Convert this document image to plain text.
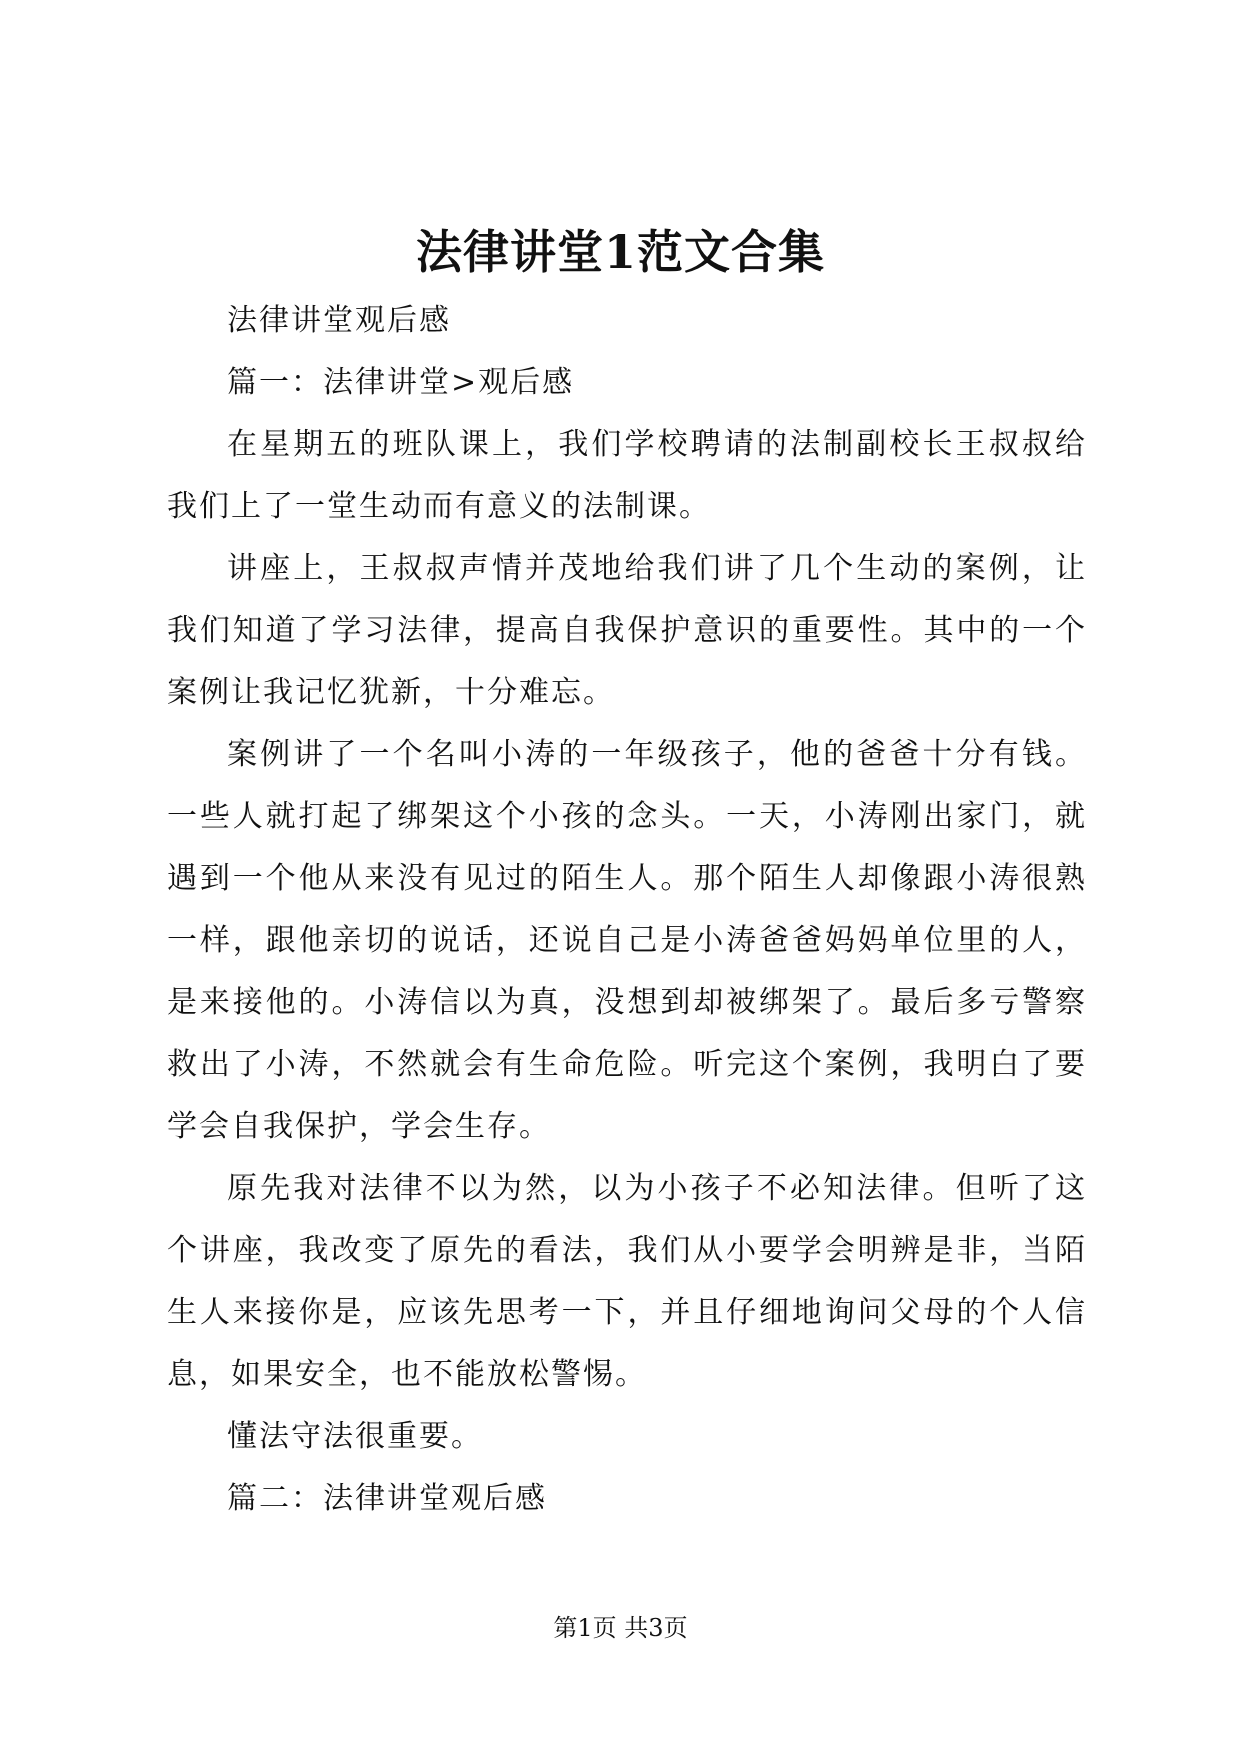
法律讲堂1范文合集

法律讲堂观后感

篇一：法律讲堂>观后感

在星期五的班队课上，我们学校聘请的法制副校长王叔叔给我们上了一堂生动而有意义的法制课。

讲座上，王叔叔声情并茂地给我们讲了几个生动的案例，让我们知道了学习法律，提高自我保护意识的重要性。其中的一个案例让我记忆犹新，十分难忘。

案例讲了一个名叫小涛的一年级孩子，他的爸爸十分有钱。一些人就打起了绑架这个小孩的念头。一天，小涛刚出家门，就遇到一个他从来没有见过的陌生人。那个陌生人却像跟小涛很熟一样，跟他亲切的说话，还说自己是小涛爸爸妈妈单位里的人，是来接他的。小涛信以为真，没想到却被绑架了。最后多亏警察救出了小涛，不然就会有生命危险。听完这个案例，我明白了要学会自我保护，学会生存。

原先我对法律不以为然，以为小孩子不必知法律。但听了这个讲座，我改变了原先的看法，我们从小要学会明辨是非，当陌生人来接你是，应该先思考一下，并且仔细地询问父母的个人信息，如果安全，也不能放松警惕。

懂法守法很重要。

篇二：法律讲堂观后感

第1页 共3页
